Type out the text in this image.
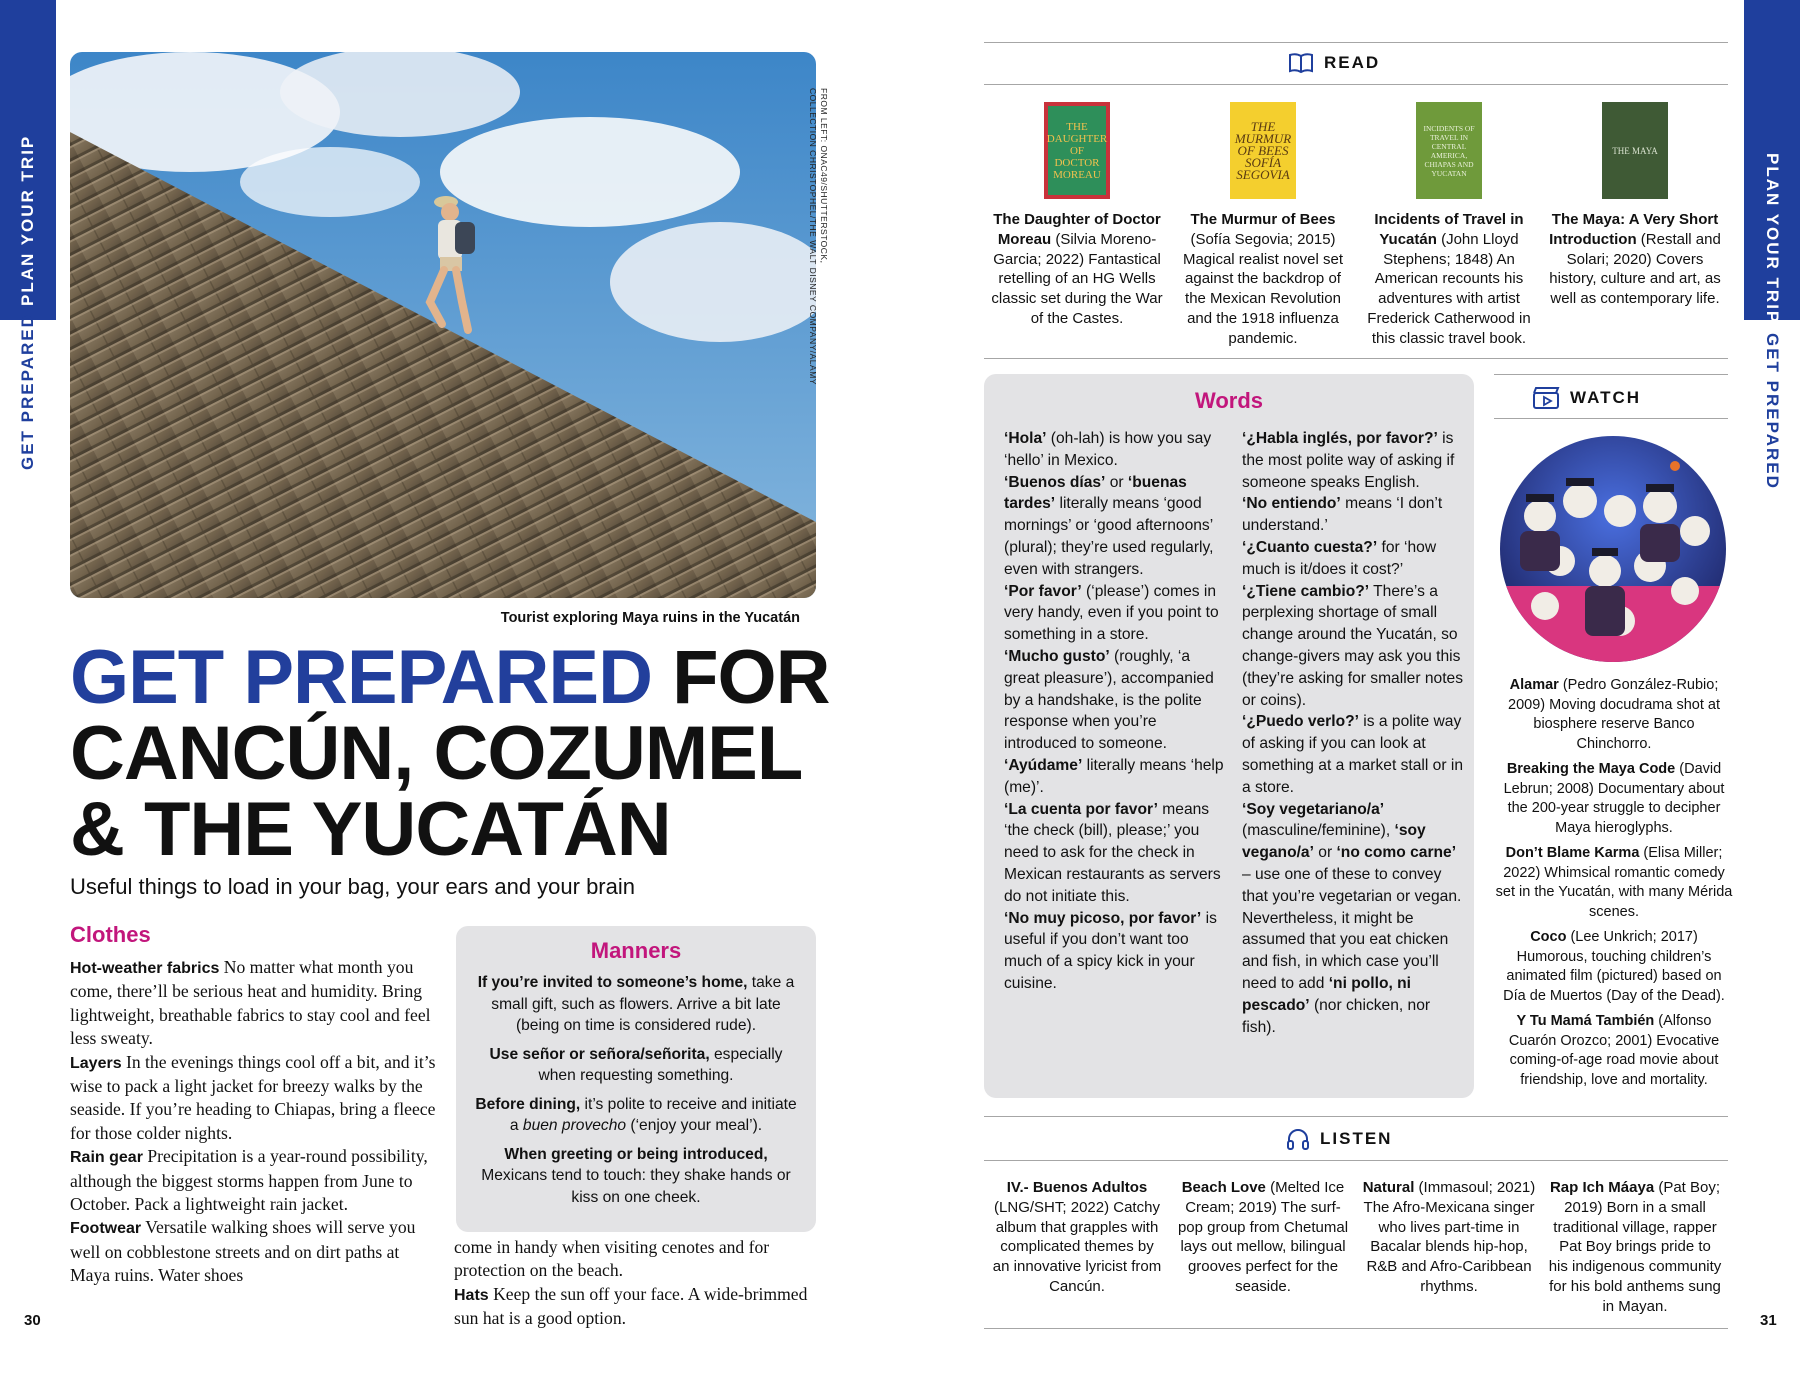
PLAN YOUR TRIP
GET PREPARED
PLAN YOUR TRIP
GET PREPARED
30	31
FROM LEFT: ONAC49/SHUTTERSTOCK,
COLLECTION CHRISTOPHEL/THE WALT DISNEY COMPANY/ALAMY
Tourist exploring Maya ruins in the Yucatán
GET PREPARED FOR
CANCÚN, COZUMEL
& THE YUCATÁN
Useful things to load in your bag, your ears and your brain
Clothes

Hot-weather fabrics No matter what month you come, there’ll be serious heat and humidity. Bring lightweight, breathable fabrics to stay cool and feel less sweaty.

Layers In the evenings things cool off a bit, and it’s wise to pack a light jacket for breezy walks by the seaside. If you’re heading to Chiapas, bring a fleece for those colder nights.

Rain gear Precipitation is a year-round possibility, although the biggest storms happen from June to October. Pack a lightweight rain jacket.

Footwear Versatile walking shoes will serve you well on cobblestone streets and on dirt paths at Maya ruins. Water shoes

come in handy when visiting cenotes and for protection on the beach.

Hats Keep the sun off your face. A wide-brimmed sun hat is a good option.

Manners

If you’re invited to someone’s home, take a small gift, such as flowers. Arrive a bit late (being on time is considered rude).

Use señor or señora/señorita, especially when requesting something.

Before dining, it’s polite to receive and initiate a buen provecho (‘enjoy your meal’).

When greeting or being introduced, Mexicans tend to touch: they shake hands or kiss on one cheek.

READ
THE DAUGHTER OF DOCTOR MOREAU
The Daughter of Doctor Moreau (Silvia Moreno-Garcia; 2022) Fantastical retelling of an HG Wells classic set during the War of the Castes.
THE MURMUR OF BEES SOFÍA SEGOVIA
The Murmur of Bees (Sofía Segovia; 2015) Magical realist novel set against the backdrop of the Mexican Revolution and the 1918 influenza pandemic.
INCIDENTS OF TRAVEL IN CENTRAL AMERICA, CHIAPAS AND YUCATAN
Incidents of Travel in Yucatán (John Lloyd Stephens; 1848) An American recounts his adventures with artist Frederick Catherwood in this classic travel book.
THE MAYA
The Maya: A Very Short Introduction (Restall and Solari; 2020) Covers history, culture and art, as well as contemporary life.
Words
‘Hola’ (oh-lah) is how you say ‘hello’ in Mexico.
‘Buenos días’ or ‘buenas tardes’ literally means ‘good mornings’ or ‘good afternoons’ (plural); they’re used regularly, even with strangers.
‘Por favor’ (‘please’) comes in very handy, even if you point to something in a store.
‘Mucho gusto’ (roughly, ‘a great pleasure’), accompanied by a handshake, is the polite response when you’re introduced to someone.
‘Ayúdame’ literally means ‘help (me)’.
‘La cuenta por favor’ means ‘the check (bill), please;’ you need to ask for the check in Mexican restaurants as servers do not initiate this.
‘No muy picoso, por favor’ is useful if you don’t want too much of a spicy kick in your cuisine.
‘¿Habla inglés, por favor?’ is the most polite way of asking if someone speaks English.
‘No entiendo’ means ‘I don’t understand.’
‘¿Cuanto cuesta?’ for ‘how much is it/does it cost?’
‘¿Tiene cambio?’ There’s a perplexing shortage of small change around the Yucatán, so change-givers may ask you this (they’re asking for smaller notes or coins).
‘¿Puedo verlo?’ is a polite way of asking if you can look at something at a market stall or in a store.
‘Soy vegetariano/a’ (masculine/feminine), ‘soy vegano/a’ or ‘no como carne’ – use one of these to convey that you’re vegetarian or vegan. Nevertheless, it might be assumed that you eat chicken and fish, in which case you’ll need to add ‘ni pollo, ni pescado’ (nor chicken, nor fish).
WATCH

Alamar (Pedro González-Rubio; 2009) Moving docudrama shot at biosphere reserve Banco Chinchorro.

Breaking the Maya Code (David Lebrun; 2008) Documentary about the 200-year struggle to decipher Maya hieroglyphs.

Don’t Blame Karma (Elisa Miller; 2022) Whimsical romantic comedy set in the Yucatán, with many Mérida scenes.

Coco (Lee Unkrich; 2017) Humorous, touching children’s animated film (pictured) based on Día de Muertos (Day of the Dead).

Y Tu Mamá También (Alfonso Cuarón Orozco; 2001) Evocative coming-of-age road movie about friendship, love and mortality.

LISTEN
IV.- Buenos Adultos (LNG/SHT; 2022) Catchy album that grapples with complicated themes by an innovative lyricist from Cancún.
Beach Love (Melted Ice Cream; 2019) The surf-pop group from Chetumal lays out mellow, bilingual grooves perfect for the seaside.
Natural (Immasoul; 2021) The Afro-Mexicana singer who lives part-time in Bacalar blends hip-hop, R&B and Afro-Caribbean rhythms.
Rap Ich Máaya (Pat Boy; 2019) Born in a small traditional village, rapper Pat Boy brings pride to his indigenous community for his bold anthems sung in Mayan.
